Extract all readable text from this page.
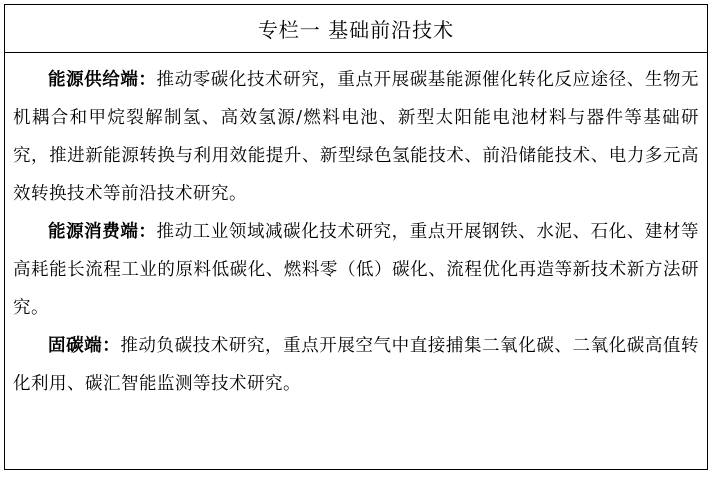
专栏一 基础前沿技术

能源供给端：推动零碳化技术研究，重点开展碳基能源催化转化反应途径、生物无机耦合和甲烷裂解制氢、高效氢源/燃料电池、新型太阳能电池材料与器件等基础研究，推进新能源转换与利用效能提升、新型绿色氢能技术、前沿储能技术、电力多元高效转换技术等前沿技术研究。

能源消费端：推动工业领域减碳化技术研究，重点开展钢铁、水泥、石化、建材等高耗能长流程工业的原料低碳化、燃料零（低）碳化、流程优化再造等新技术新方法研究。

固碳端：推动负碳技术研究，重点开展空气中直接捕集二氧化碳、二氧化碳高值转化利用、碳汇智能监测等技术研究。
